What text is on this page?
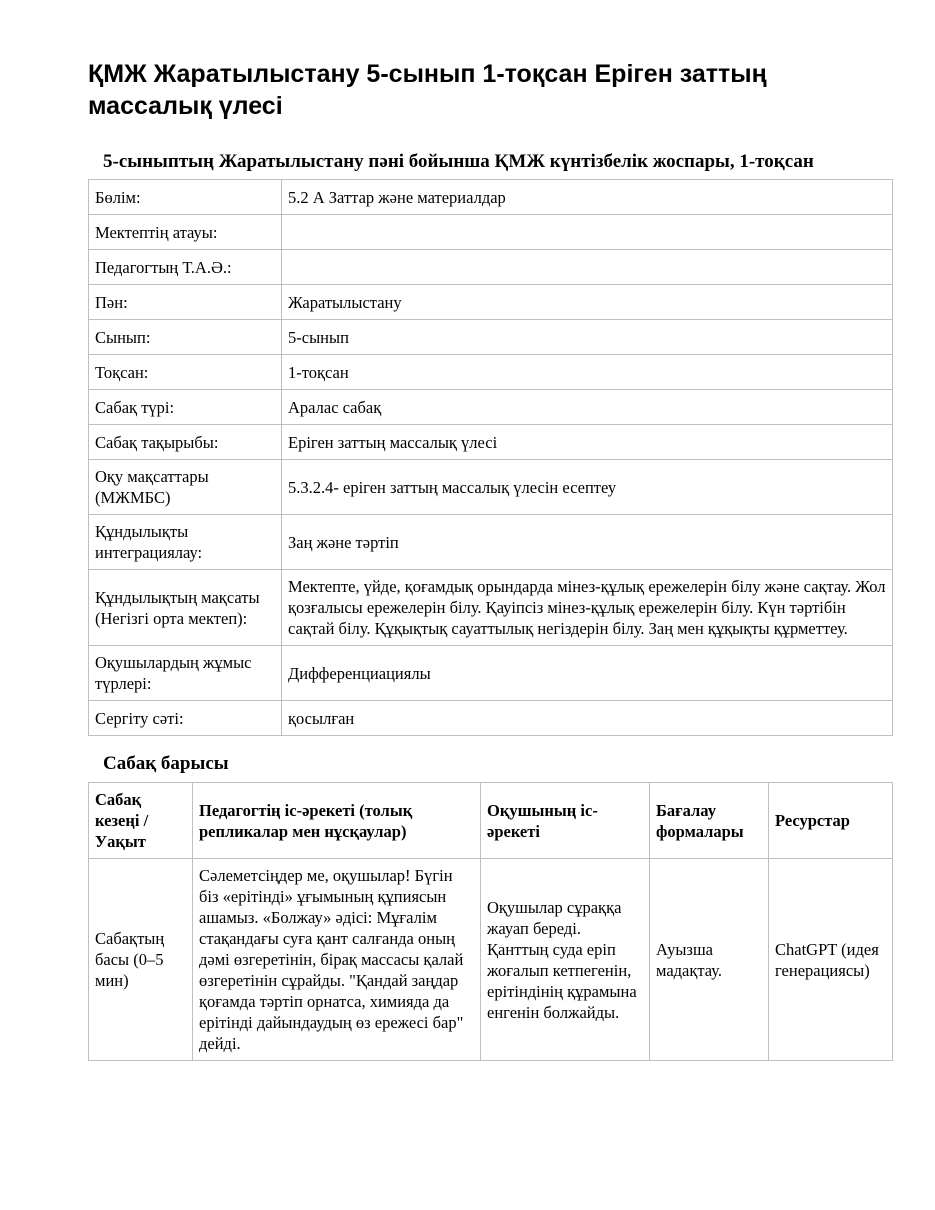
ҚМЖ Жаратылыстану 5-сынып 1-тоқсан Еріген заттың массалық үлесі
5-сыныптың Жаратылыстану пәні бойынша ҚМЖ күнтізбелік жоспары, 1-тоқсан
Бөлім:	5.2 А Заттар және материалдар
Мектептің атауы:	
Педагогтың Т.А.Ә.:	
Пән:	Жаратылыстану
Сынып:	5-сынып
Тоқсан:	1-тоқсан
Сабақ түрі:	Аралас сабақ
Сабақ тақырыбы:	Еріген заттың массалық үлесі
Оқу мақсаттары (МЖМБС)	5.3.2.4- еріген заттың массалық үлесін есептеу
Құндылықты интеграциялау:	Заң және тәртіп
Құндылықтың мақсаты (Негізгі орта мектеп):	Мектепте, үйде, қоғамдық орындарда мінез-құлық ережелерін білу және сақтау. Жол қозғалысы ережелерін білу. Қауіпсіз мінез-құлық ережелерін білу. Күн тәртібін сақтай білу. Құқықтық сауаттылық негіздерін білу. Заң мен құқықты құрметтеу.
Оқушылардың жұмыс түрлері:	Дифференциациялы
Сергіту сәті:	қосылған
Сабақ барысы
Сабақ кезеңі / Уақыт	Педагогтің іс-әрекеті (толық репликалар мен нұсқаулар)	Оқушының іс-әрекеті	Бағалау формалары	Ресурстар
Сабақтың басы (0–5 мин)	Сәлеметсіңдер ме, оқушылар! Бүгін біз «ерітінді» ұғымының құпиясын ашамыз. «Болжау» әдісі: Мұғалім стақандағы суға қант салғанда оның дәмі өзгеретінін, бірақ массасы қалай өзгеретінін сұрайды. "Қандай заңдар қоғамда тәртіп орнатса, химияда да ерітінді дайындаудың өз ережесі бар" дейді.	Оқушылар сұраққа жауап береді. Қанттың суда еріп жоғалып кетпегенін, ерітіндінің құрамына енгенін болжайды.	Ауызша мадақтау.	ChatGPT (идея генерациясы)
